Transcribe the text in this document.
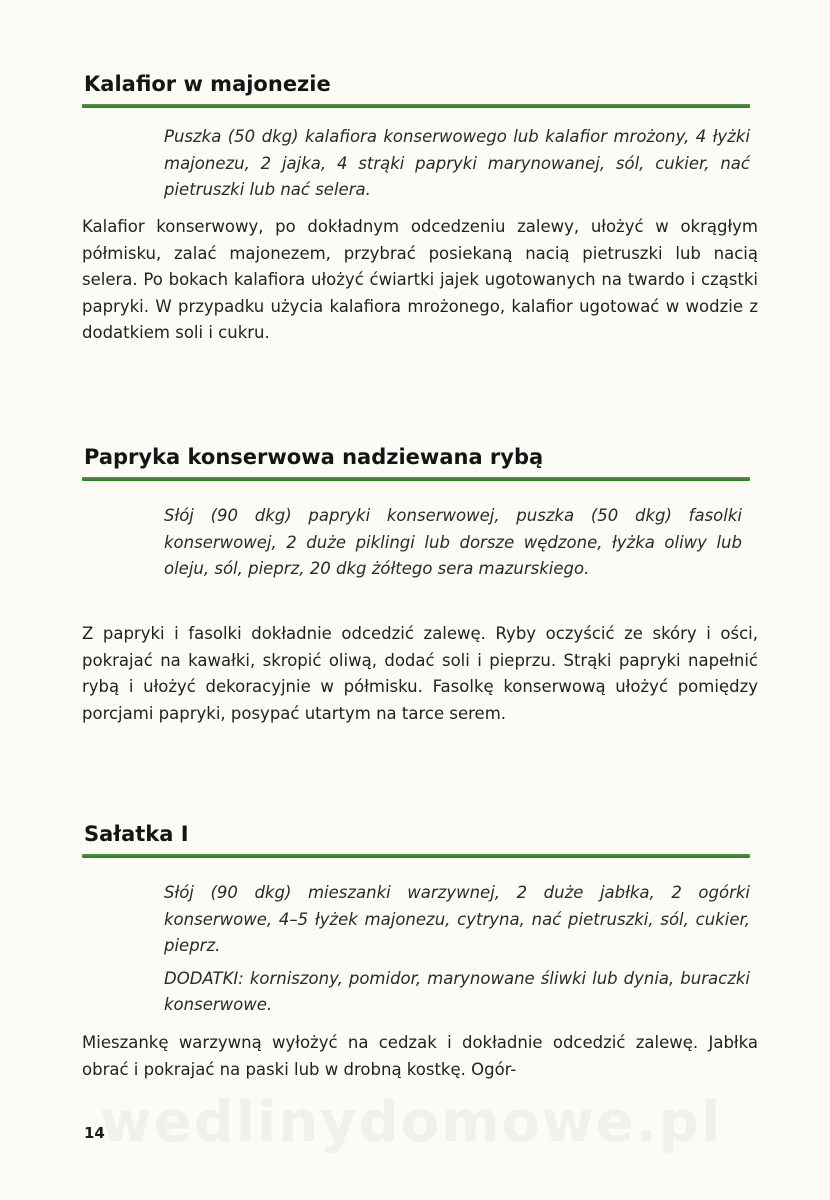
Kalafior w majonezie

Puszka (50 dkg) kalafiora konserwowego lub kalafior mrożony, 4 łyżki majonezu, 2 jajka, 4 strąki papryki marynowanej, sól, cukier, nać pietruszki lub nać selera.

Kalafior konserwowy, po dokładnym odcedzeniu zalewy, ułożyć w okrągłym półmisku, zalać majonezem, przybrać posiekaną nacią pietruszki lub nacią selera. Po bokach kalafiora ułożyć ćwiartki jajek ugotowanych na twardo i cząstki papryki. W przypadku użycia kalafiora mrożonego, kalafior ugotować w wodzie z dodatkiem soli i cukru.

Papryka konserwowa nadziewana rybą

Słój (90 dkg) papryki konserwowej, puszka (50 dkg) fasolki konserwowej, 2 duże piklingi lub dorsze wędzone, łyżka oliwy lub oleju, sól, pieprz, 20 dkg żółtego sera mazurskiego.

Z papryki i fasolki dokładnie odcedzić zalewę. Ryby oczyścić ze skóry i ości, pokrajać na kawałki, skropić oliwą, dodać soli i pieprzu. Strąki papryki napełnić rybą i ułożyć dekoracyjnie w półmisku. Fasolkę konserwową ułożyć pomiędzy porcjami papryki, posypać utartym na tarce serem.

Sałatka I

Słój (90 dkg) mieszanki warzywnej, 2 duże jabłka, 2 ogórki konserwowe, 4–5 łyżek majonezu, cytryna, nać pietruszki, sól, cukier, pieprz.

DODATKI: korniszony, pomidor, marynowane śliwki lub dynia, buraczki konserwowe.

Mieszankę warzywną wyłożyć na cedzak i dokładnie odcedzić zalewę. Jabłka obrać i pokrajać na paski lub w drobną kostkę. Ogór-

wedlinydomowe.pl
14
